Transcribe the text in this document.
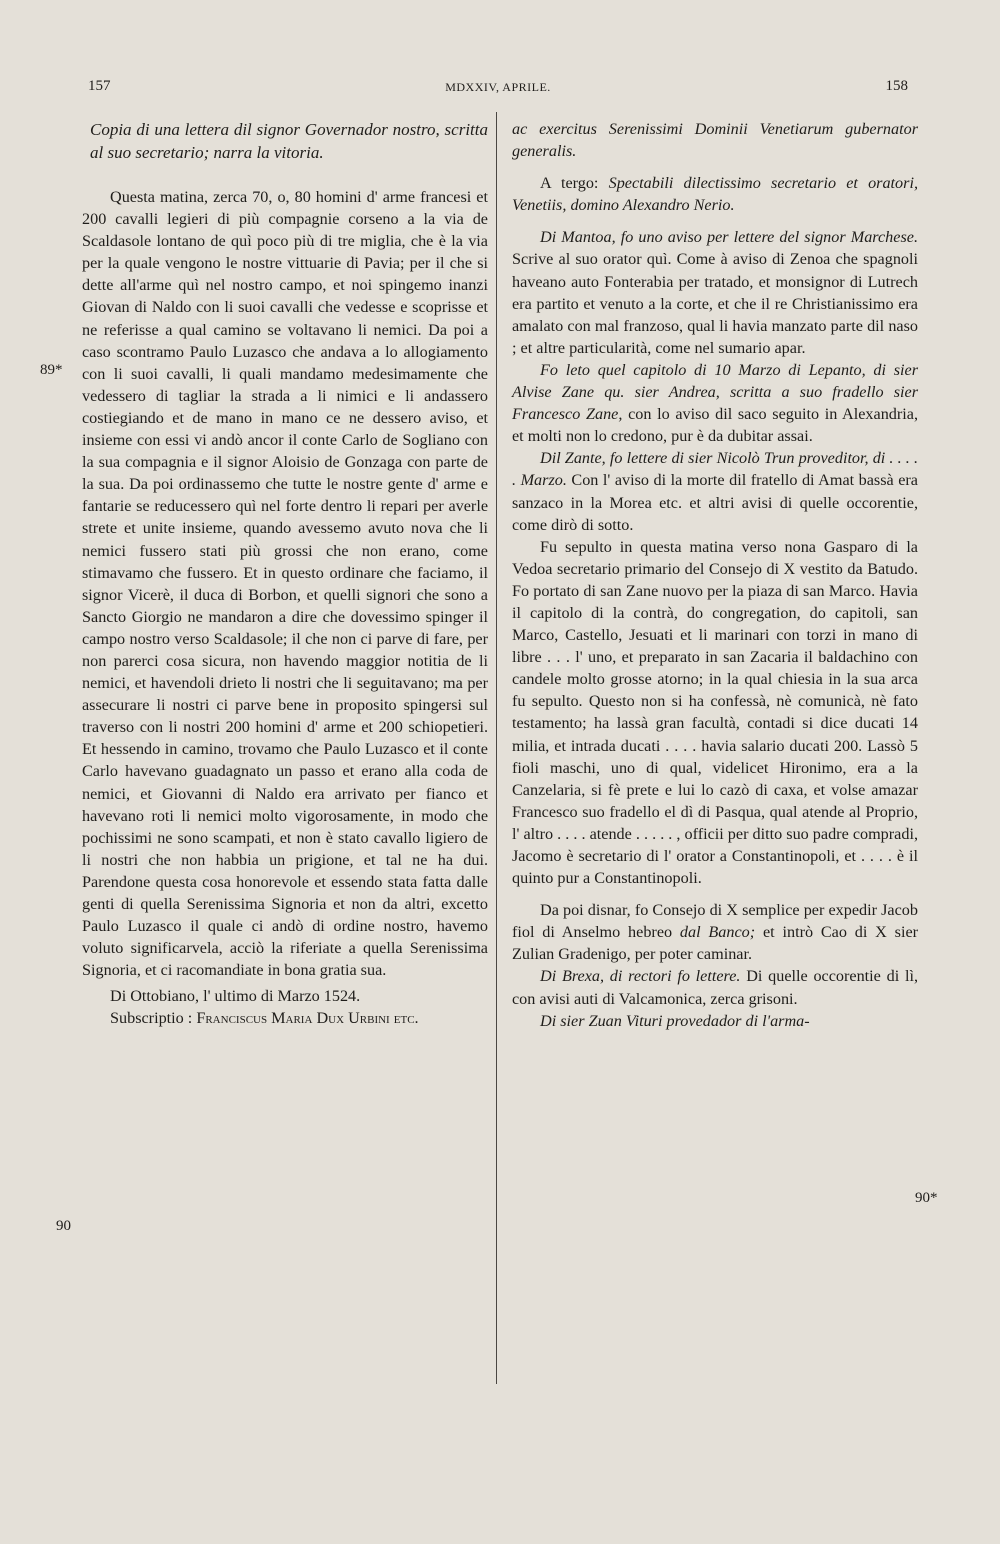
157	MDXXIV, APRILE.	158
89*
90
90*

Copia di una lettera dil signor Governador nostro, scritta al suo secretario; narra la vitoria.

Questa matina, zerca 70, o, 80 homini d' arme francesi et 200 cavalli legieri di più compagnie corseno a la via de Scaldasole lontano de quì poco più di tre miglia, che è la via per la quale vengono le nostre vittuarie di Pavia; per il che si dette all'arme quì nel nostro campo, et noi spingemo inanzi Giovan di Naldo con li suoi cavalli che vedesse e scoprisse et ne referisse a qual camino se voltavano li nemici. Da poi a caso scontramo Paulo Luzasco che andava a lo allogiamento con li suoi cavalli, li quali mandamo medesimamente che vedessero di tagliar la strada a li nimici e li andassero costiegiando et de mano in mano ce ne dessero aviso, et insieme con essi vi andò ancor il conte Carlo de Sogliano con la sua compagnia e il signor Aloisio de Gonzaga con parte de la sua. Da poi ordinassemo che tutte le nostre gente d' arme e fantarie se reducessero quì nel forte dentro li repari per averle strete et unite insieme, quando avessemo avuto nova che li nemici fussero stati più grossi che non erano, come stimavamo che fussero. Et in questo ordinare che faciamo, il signor Vicerè, il duca di Borbon, et quelli signori che sono a Sancto Giorgio ne mandaron a dire che dovessimo spinger il campo nostro verso Scaldasole; il che non ci parve di fare, per non parerci cosa sicura, non havendo maggior notitia de li nemici, et havendoli drieto li nostri che li seguitavano; ma per assecurare li nostri ci parve bene in proposito spingersi sul traverso con li nostri 200 homini d' arme et 200 schiopetieri. Et hessendo in camino, trovamo che Paulo Luzasco et il conte Carlo havevano guadagnato un passo et erano alla coda de nemici, et Giovanni di Naldo era arrivato per fianco et havevano roti li nemici molto vigorosamente, in modo che pochissimi ne sono scampati, et non è stato cavallo ligiero de li nostri che non habbia un prigione, et tal ne ha dui. Parendone questa cosa honorevole et essendo stata fatta dalle genti di quella Serenissima Signoria et non da altri, excetto Paulo Luzasco il quale ci andò di ordine nostro, havemo voluto significarvela, acciò la riferiate a quella Serenissima Signoria, et ci racomandiate in bona gratia sua.

Di Ottobiano, l' ultimo di Marzo 1524.

Subscriptio : Franciscus Maria Dux Urbini etc.

ac exercitus Serenissimi Dominii Venetiarum gubernator generalis.

A tergo: Spectabili dilectissimo secretario et oratori, Venetiis, domino Alexandro Nerio.

Di Mantoa, fo uno aviso per lettere del signor Marchese. Scrive al suo orator quì. Come à aviso di Zenoa che spagnoli haveano auto Fonterabia per tratado, et monsignor di Lutrech era partito et venuto a la corte, et che il re Christianissimo era amalato con mal franzoso, qual li havia manzato parte dil naso ; et altre particularità, come nel sumario apar.

Fo leto quel capitolo di 10 Marzo di Lepanto, di sier Alvise Zane qu. sier Andrea, scritta a suo fradello sier Francesco Zane, con lo aviso dil saco seguito in Alexandria, et molti non lo credono, pur è da dubitar assai.

Dil Zante, fo lettere di sier Nicolò Trun proveditor, di . . . . . Marzo. Con l' aviso di la morte dil fratello di Amat bassà era sanzaco in la Morea etc. et altri avisi di quelle occorentie, come dirò di sotto.

Fu sepulto in questa matina verso nona Gasparo di la Vedoa secretario primario del Consejo di X vestito da Batudo. Fo portato di san Zane nuovo per la piaza di san Marco. Havia il capitolo di la contrà, do congregation, do capitoli, san Marco, Castello, Jesuati et li marinari con torzi in mano di libre . . . l' uno, et preparato in san Zacaria il baldachino con candele molto grosse atorno; in la qual chiesia in la sua arca fu sepulto. Questo non si ha confessà, nè comunicà, nè fato testamento; ha lassà gran facultà, contadi si dice ducati 14 milia, et intrada ducati . . . . havia salario ducati 200. Lassò 5 fioli maschi, uno di qual, videlicet Hironimo, era a la Canzelaria, si fè prete e lui lo cazò di caxa, et volse amazar Francesco suo fradello el dì di Pasqua, qual atende al Proprio, l' altro . . . . atende . . . . . , officii per ditto suo padre compradi, Jacomo è secretario di l' orator a Constantinopoli, et . . . . è il quinto pur a Constantinopoli.

Da poi disnar, fo Consejo di X semplice per expedir Jacob fiol di Anselmo hebreo dal Banco; et intrò Cao di X sier Zulian Gradenigo, per poter caminar.

Di Brexa, di rectori fo lettere. Di quelle occorentie di lì, con avisi auti di Valcamonica, zerca grisoni.

Di sier Zuan Vituri provedador di l'arma-
